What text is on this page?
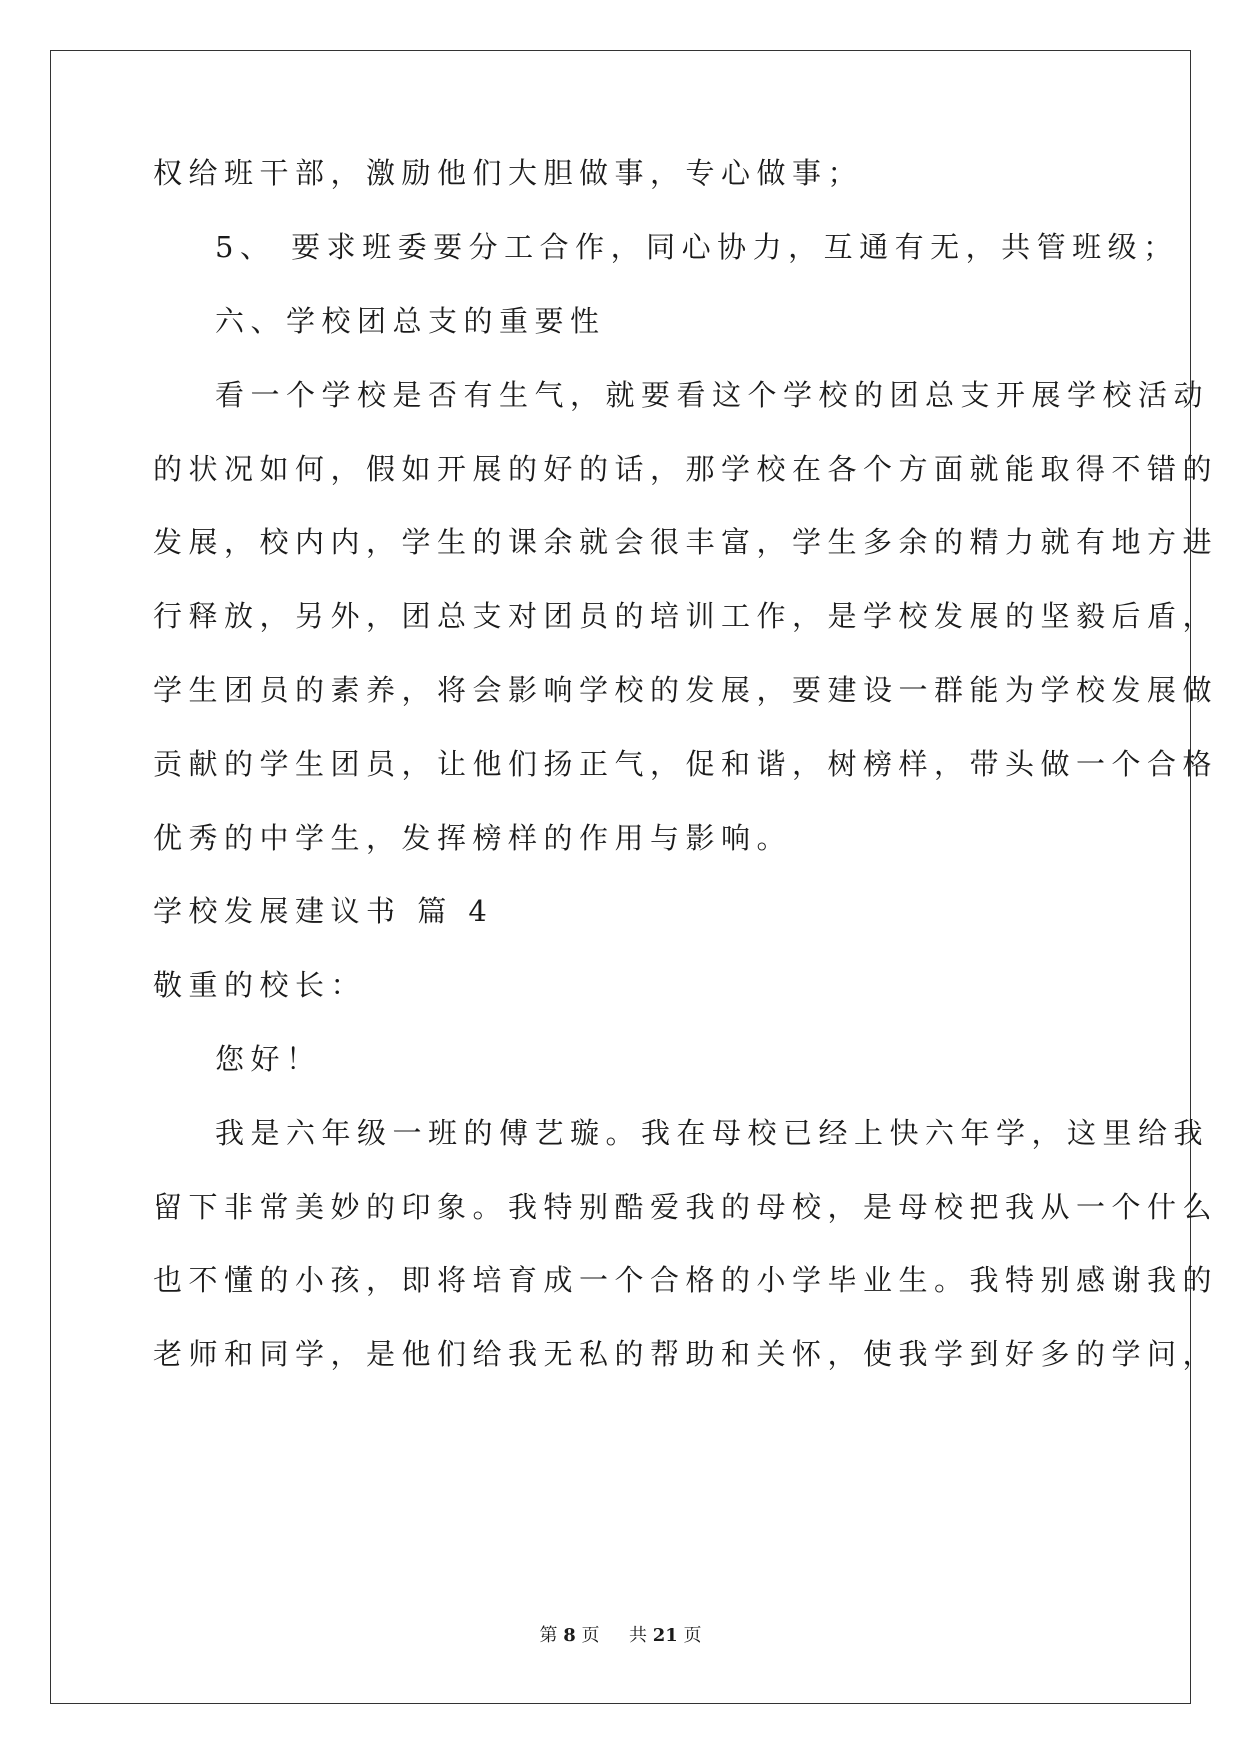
权给班干部，激励他们大胆做事，专心做事；
5、 要求班委要分工合作，同心协力，互通有无，共管班级；
六、学校团总支的重要性
看一个学校是否有生气，就要看这个学校的团总支开展学校活动
的状况如何，假如开展的好的话，那学校在各个方面就能取得不错的
发展，校内内，学生的课余就会很丰富，学生多余的精力就有地方进
行释放，另外，团总支对团员的培训工作，是学校发展的坚毅后盾，
学生团员的素养，将会影响学校的发展，要建设一群能为学校发展做
贡献的学生团员，让他们扬正气，促和谐，树榜样，带头做一个合格
优秀的中学生，发挥榜样的作用与影响。
学校发展建议书 篇 4
敬重的校长：
您好！
我是六年级一班的傅艺璇。我在母校已经上快六年学，这里给我
留下非常美妙的印象。我特别酷爱我的母校，是母校把我从一个什么
也不懂的小孩，即将培育成一个合格的小学毕业生。我特别感谢我的
老师和同学，是他们给我无私的帮助和关怀，使我学到好多的学问，
第 8 页 共 21 页
